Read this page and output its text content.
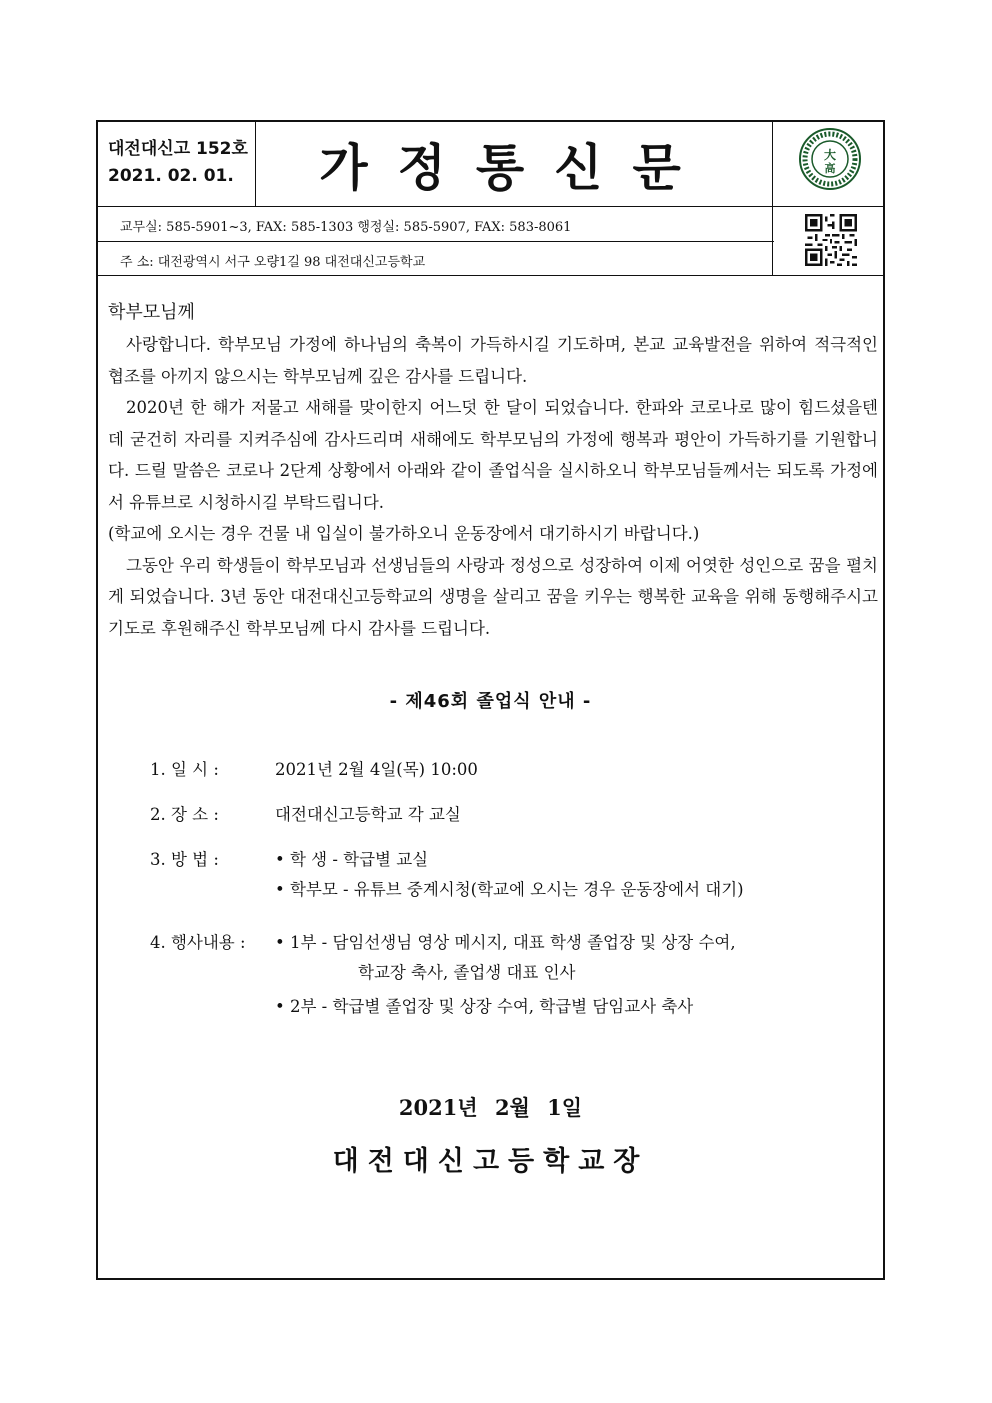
대전대신고 152호
2021. 02. 01.	가정통신문
교무실: 585-5901~3, FAX: 585-1303 행정실: 585-5907, FAX: 583-8061
주 소: 대전광역시 서구 오량1길 98 대전대신고등학교
大
高
학부모님께
사랑합니다. 학부모님 가정에 하나님의 축복이 가득하시길 기도하며, 본교 교육발전을 위하여 적극적인 협조를 아끼지 않으시는 학부모님께 깊은 감사를 드립니다.
2020년 한 해가 저물고 새해를 맞이한지 어느덧 한 달이 되었습니다. 한파와 코로나로 많이 힘드셨을텐데 굳건히 자리를 지켜주심에 감사드리며 새해에도 학부모님의 가정에 행복과 평안이 가득하기를 기원합니다. 드릴 말씀은 코로나 2단계 상황에서 아래와 같이 졸업식을 실시하오니 학부모님들께서는 되도록 가정에서 유튜브로 시청하시길 부탁드립니다.
(학교에 오시는 경우 건물 내 입실이 불가하오니 운동장에서 대기하시기 바랍니다.)
그동안 우리 학생들이 학부모님과 선생님들의 사랑과 정성으로 성장하여 이제 어엿한 성인으로 꿈을 펼치게 되었습니다. 3년 동안 대전대신고등학교의 생명을 살리고 꿈을 키우는 행복한 교육을 위해 동행해주시고 기도로 후원해주신 학부모님께 다시 감사를 드립니다.
- 제46회 졸업식 안내 -
1. 일 시 :	2021년 2월 4일(목) 10:00
2. 장 소 :	대전대신고등학교 각 교실
3. 방 법 :	• 학 생 - 학급별 교실
• 학부모 - 유튜브 중계시청(학교에 오시는 경우 운동장에서 대기)
4. 행사내용 : • 1부 - 담임선생님 영상 메시지, 대표 학생 졸업장 및 상장 수여,
학교장 축사, 졸업생 대표 인사
• 2부 - 학급별 졸업장 및 상장 수여, 학급별 담임교사 축사
2021년 2월 1일
대전대신고등학교장
